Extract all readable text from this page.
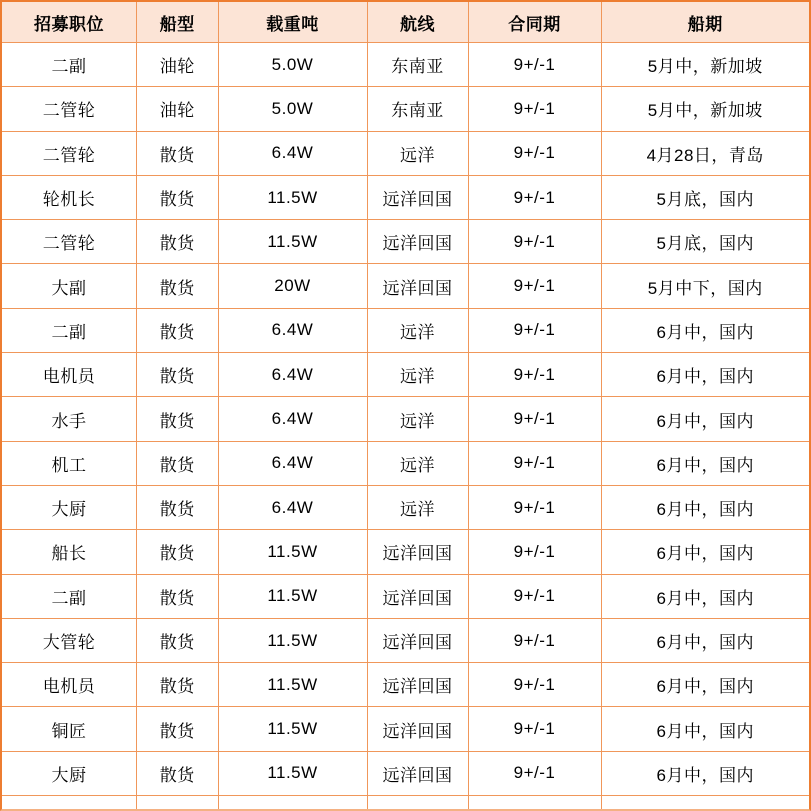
招募职位	船型	载重吨	航线	合同期	船期
二副	油轮	5.0W	东南亚	9+/-1	5月中，新加坡
二管轮	油轮	5.0W	东南亚	9+/-1	5月中，新加坡
二管轮	散货	6.4W	远洋	9+/-1	4月28日，青岛
轮机长	散货	11.5W	远洋回国	9+/-1	5月底，国内
二管轮	散货	11.5W	远洋回国	9+/-1	5月底，国内
大副	散货	20W	远洋回国	9+/-1	5月中下，国内
二副	散货	6.4W	远洋	9+/-1	6月中，国内
电机员	散货	6.4W	远洋	9+/-1	6月中，国内
水手	散货	6.4W	远洋	9+/-1	6月中，国内
机工	散货	6.4W	远洋	9+/-1	6月中，国内
大厨	散货	6.4W	远洋	9+/-1	6月中，国内
船长	散货	11.5W	远洋回国	9+/-1	6月中，国内
二副	散货	11.5W	远洋回国	9+/-1	6月中，国内
大管轮	散货	11.5W	远洋回国	9+/-1	6月中，国内
电机员	散货	11.5W	远洋回国	9+/-1	6月中，国内
铜匠	散货	11.5W	远洋回国	9+/-1	6月中，国内
大厨	散货	11.5W	远洋回国	9+/-1	6月中，国内
